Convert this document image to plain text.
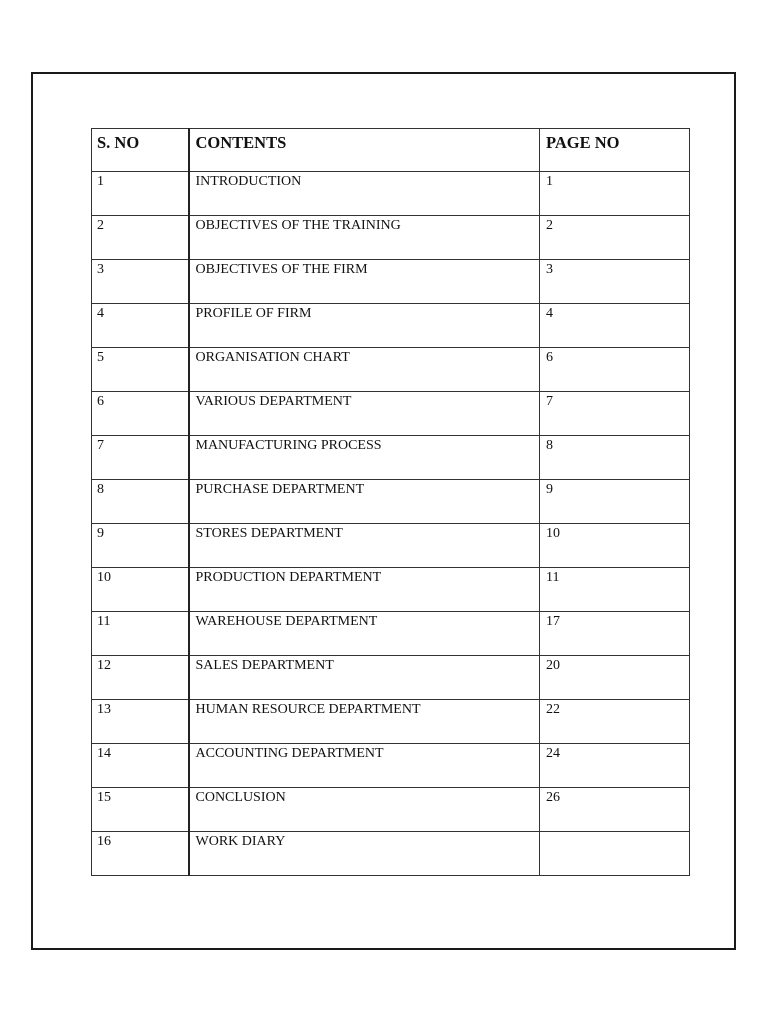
S. NO	CONTENTS	PAGE NO
1	INTRODUCTION	1
2	OBJECTIVES OF THE TRAINING	2
3	OBJECTIVES OF THE FIRM	3
4	PROFILE OF FIRM	4
5	ORGANISATION CHART	6
6	VARIOUS DEPARTMENT	7
7	MANUFACTURING PROCESS	8
8	PURCHASE DEPARTMENT	9
9	STORES DEPARTMENT	10
10	PRODUCTION DEPARTMENT	11
11	WAREHOUSE DEPARTMENT	17
12	SALES DEPARTMENT	20
13	HUMAN RESOURCE DEPARTMENT	22
14	ACCOUNTING DEPARTMENT	24
15	CONCLUSION	26
16	WORK DIARY	
